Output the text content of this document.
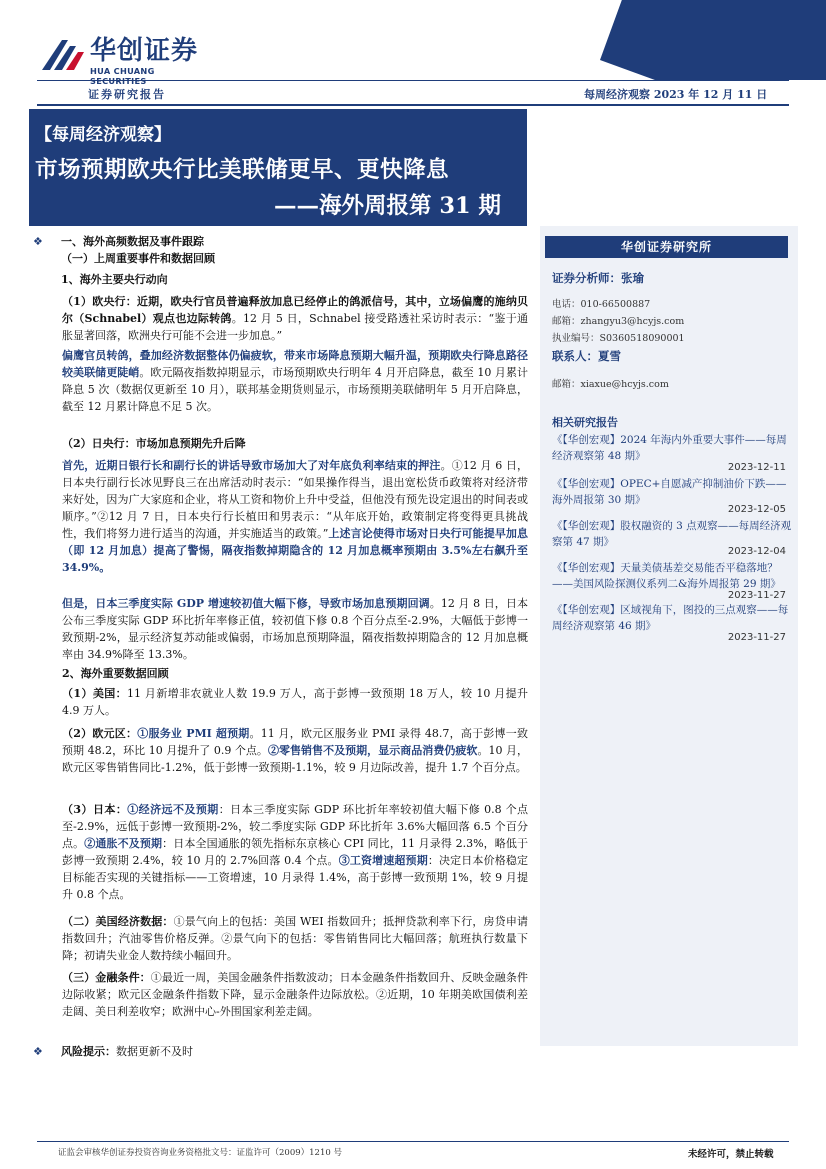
华创证券
HUA CHUANG SECURITIES
证券研究报告	每周经济观察 2023 年 12 月 11 日
【每周经济观察】
市场预期欧央行比美联储更早、更快降息
——海外周报第 31 期
❖ 一、海外高频数据及事件跟踪
（一）上周重要事件和数据回顾
1、海外主要央行动向

（1）欧央行：近期，欧央行官员普遍释放加息已经停止的鸽派信号，其中，立场偏鹰的施纳贝尔（Schnabel）观点也边际转鸽。12 月 5 日，Schnabel 接受路透社采访时表示：“鉴于通胀显著回落，欧洲央行可能不会进一步加息。”

偏鹰官员转鸽，叠加经济数据整体仍偏疲软，带来市场降息预期大幅升温，预期欧央行降息路径较美联储更陡峭。欧元隔夜指数掉期显示，市场预期欧央行明年 4 月开启降息，截至 10 月累计降息 5 次（数据仅更新至 10 月），联邦基金期货则显示，市场预期美联储明年 5 月开启降息，截至 12 月累计降息不足 5 次。

（2）日央行：市场加息预期先升后降

首先，近期日银行长和副行长的讲话导致市场加大了对年底负利率结束的押注。①12 月 6 日，日本央行副行长冰见野良三在出席活动时表示：“如果操作得当，退出宽松货币政策将对经济带来好处，因为广大家庭和企业，将从工资和物价上升中受益，但他没有预先设定退出的时间表或顺序。”②12 月 7 日，日本央行行长植田和男表示：“从年底开始，政策制定将变得更具挑战性，我们将努力进行适当的沟通，并实施适当的政策。”上述言论使得市场对日央行可能提早加息（即 12 月加息）提高了警惕，隔夜指数掉期隐含的 12 月加息概率预期由 3.5%左右飙升至 34.9%。

但是，日本三季度实际 GDP 增速较初值大幅下修，导致市场加息预期回调。12 月 8 日，日本公布三季度实际 GDP 环比折年率修正值，较初值下修 0.8 个百分点至-2.9%，大幅低于彭博一致预期-2%，显示经济复苏动能或偏弱，市场加息预期降温，隔夜指数掉期隐含的 12 月加息概率由 34.9%降至 13.3%。

2、海外重要数据回顾

（1）美国：11 月新增非农就业人数 19.9 万人，高于彭博一致预期 18 万人，较 10 月提升 4.9 万人。

（2）欧元区：①服务业 PMI 超预期。11 月，欧元区服务业 PMI 录得 48.7，高于彭博一致预期 48.2，环比 10 月提升了 0.9 个点。②零售销售不及预期，显示商品消费仍疲软。10 月，欧元区零售销售同比-1.2%，低于彭博一致预期-1.1%，较 9 月边际改善，提升 1.7 个百分点。

（3）日本：①经济远不及预期：日本三季度实际 GDP 环比折年率较初值大幅下修 0.8 个点至-2.9%，远低于彭博一致预期-2%，较二季度实际 GDP 环比折年 3.6%大幅回落 6.5 个百分点。②通胀不及预期：日本全国通胀的领先指标东京核心 CPI 同比，11 月录得 2.3%，略低于彭博一致预期 2.4%，较 10 月的 2.7%回落 0.4 个点。③工资增速超预期：决定日本价格稳定目标能否实现的关键指标——工资增速，10 月录得 1.4%，高于彭博一致预期 1%，较 9 月提升 0.8 个点。

（二）美国经济数据：①景气向上的包括：美国 WEI 指数回升；抵押贷款利率下行，房贷申请指数回升；汽油零售价格反弹。②景气向下的包括：零售销售同比大幅回落；航班执行数量下降；初请失业金人数持续小幅回升。

（三）金融条件：①最近一周，美国金融条件指数波动；日本金融条件指数回升、反映金融条件边际收紧；欧元区金融条件指数下降，显示金融条件边际放松。②近期，10 年期美欧国债利差走阔、美日利差收窄；欧洲中心-外围国家利差走阔。

❖ 风险提示：数据更新不及时
华创证券研究所
证券分析师：张瑜
电话：010-66500887
邮箱：zhangyu3@hcyjs.com
执业编号：S0360518090001
联系人：夏雪
邮箱：xiaxue@hcyjs.com
相关研究报告
《【华创宏观】2024 年海内外重要大事件——每周经济观察第 48 期》
2023-12-11
《【华创宏观】OPEC+自愿减产抑制油价下跌——海外周报第 30 期》
2023-12-05
《【华创宏观】股权融资的 3 点观察——每周经济观察第 47 期》
2023-12-04
《【华创宏观】天量美债基差交易能否平稳落地？——美国风险探测仪系列二&海外周报第 29 期》
2023-11-27
《【华创宏观】区域视角下，图投的三点观察——每周经济观察第 46 期》
2023-11-27
证监会审核华创证券投资咨询业务资格批文号：证监许可（2009）1210 号	未经许可，禁止转载
